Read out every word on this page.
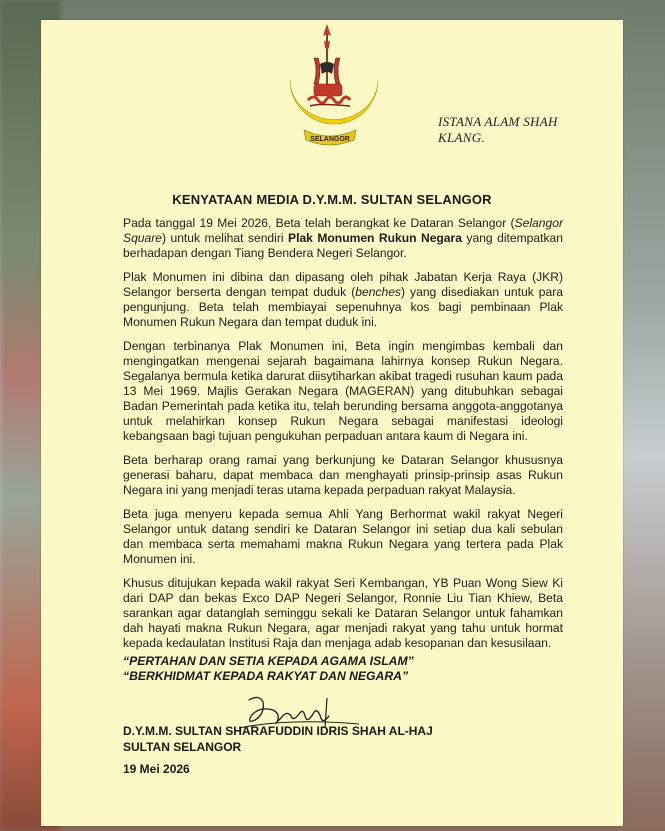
SELANGOR
ISTANA ALAM SHAH
KLANG.
KENYATAAN MEDIA D.Y.M.M. SULTAN SELANGOR

Pada tanggal 19 Mei 2026, Beta telah berangkat ke Dataran Selangor (Selangor Square) untuk melihat sendiri Plak Monumen Rukun Negara yang ditempatkan berhadapan dengan Tiang Bendera Negeri Selangor.

Plak Monumen ini dibina dan dipasang oleh pihak Jabatan Kerja Raya (JKR) Selangor berserta dengan tempat duduk (benches) yang disediakan untuk para pengunjung. Beta telah membiayai sepenuhnya kos bagi pembinaan Plak Monumen Rukun Negara dan tempat duduk ini.

Dengan terbinanya Plak Monumen ini, Beta ingin mengimbas kembali dan mengingatkan mengenai sejarah bagaimana lahirnya konsep Rukun Negara. Segalanya bermula ketika darurat diisytiharkan akibat tragedi rusuhan kaum pada 13 Mei 1969. Majlis Gerakan Negara (MAGERAN) yang ditubuhkan sebagai Badan Pemerintah pada ketika itu, telah berunding bersama anggota-anggotanya untuk melahirkan konsep Rukun Negara sebagai manifestasi ideologi kebangsaan bagi tujuan pengukuhan perpaduan antara kaum di Negara ini.

Beta berharap orang ramai yang berkunjung ke Dataran Selangor khususnya generasi baharu, dapat membaca dan menghayati prinsip-prinsip asas Rukun Negara ini yang menjadi teras utama kepada perpaduan rakyat Malaysia.

Beta juga menyeru kepada semua Ahli Yang Berhormat wakil rakyat Negeri Selangor untuk datang sendiri ke Dataran Selangor ini setiap dua kali sebulan dan membaca serta memahami makna Rukun Negara yang tertera pada Plak Monumen ini.

Khusus ditujukan kepada wakil rakyat Seri Kembangan, YB Puan Wong Siew Ki dari DAP dan bekas Exco DAP Negeri Selangor, Ronnie Liu Tian Khiew, Beta sarankan agar datanglah seminggu sekali ke Dataran Selangor untuk fahamkan dah hayati makna Rukun Negara, agar menjadi rakyat yang tahu untuk hormat kepada kedaulatan Institusi Raja dan menjaga adab kesopanan dan kesusilaan.

“PERTAHAN DAN SETIA KEPADA AGAMA ISLAM”
“BERKHIDMAT KEPADA RAKYAT DAN NEGARA”
D.Y.M.M. SULTAN SHARAFUDDIN IDRIS SHAH AL-HAJ
SULTAN SELANGOR
19 Mei 2026
